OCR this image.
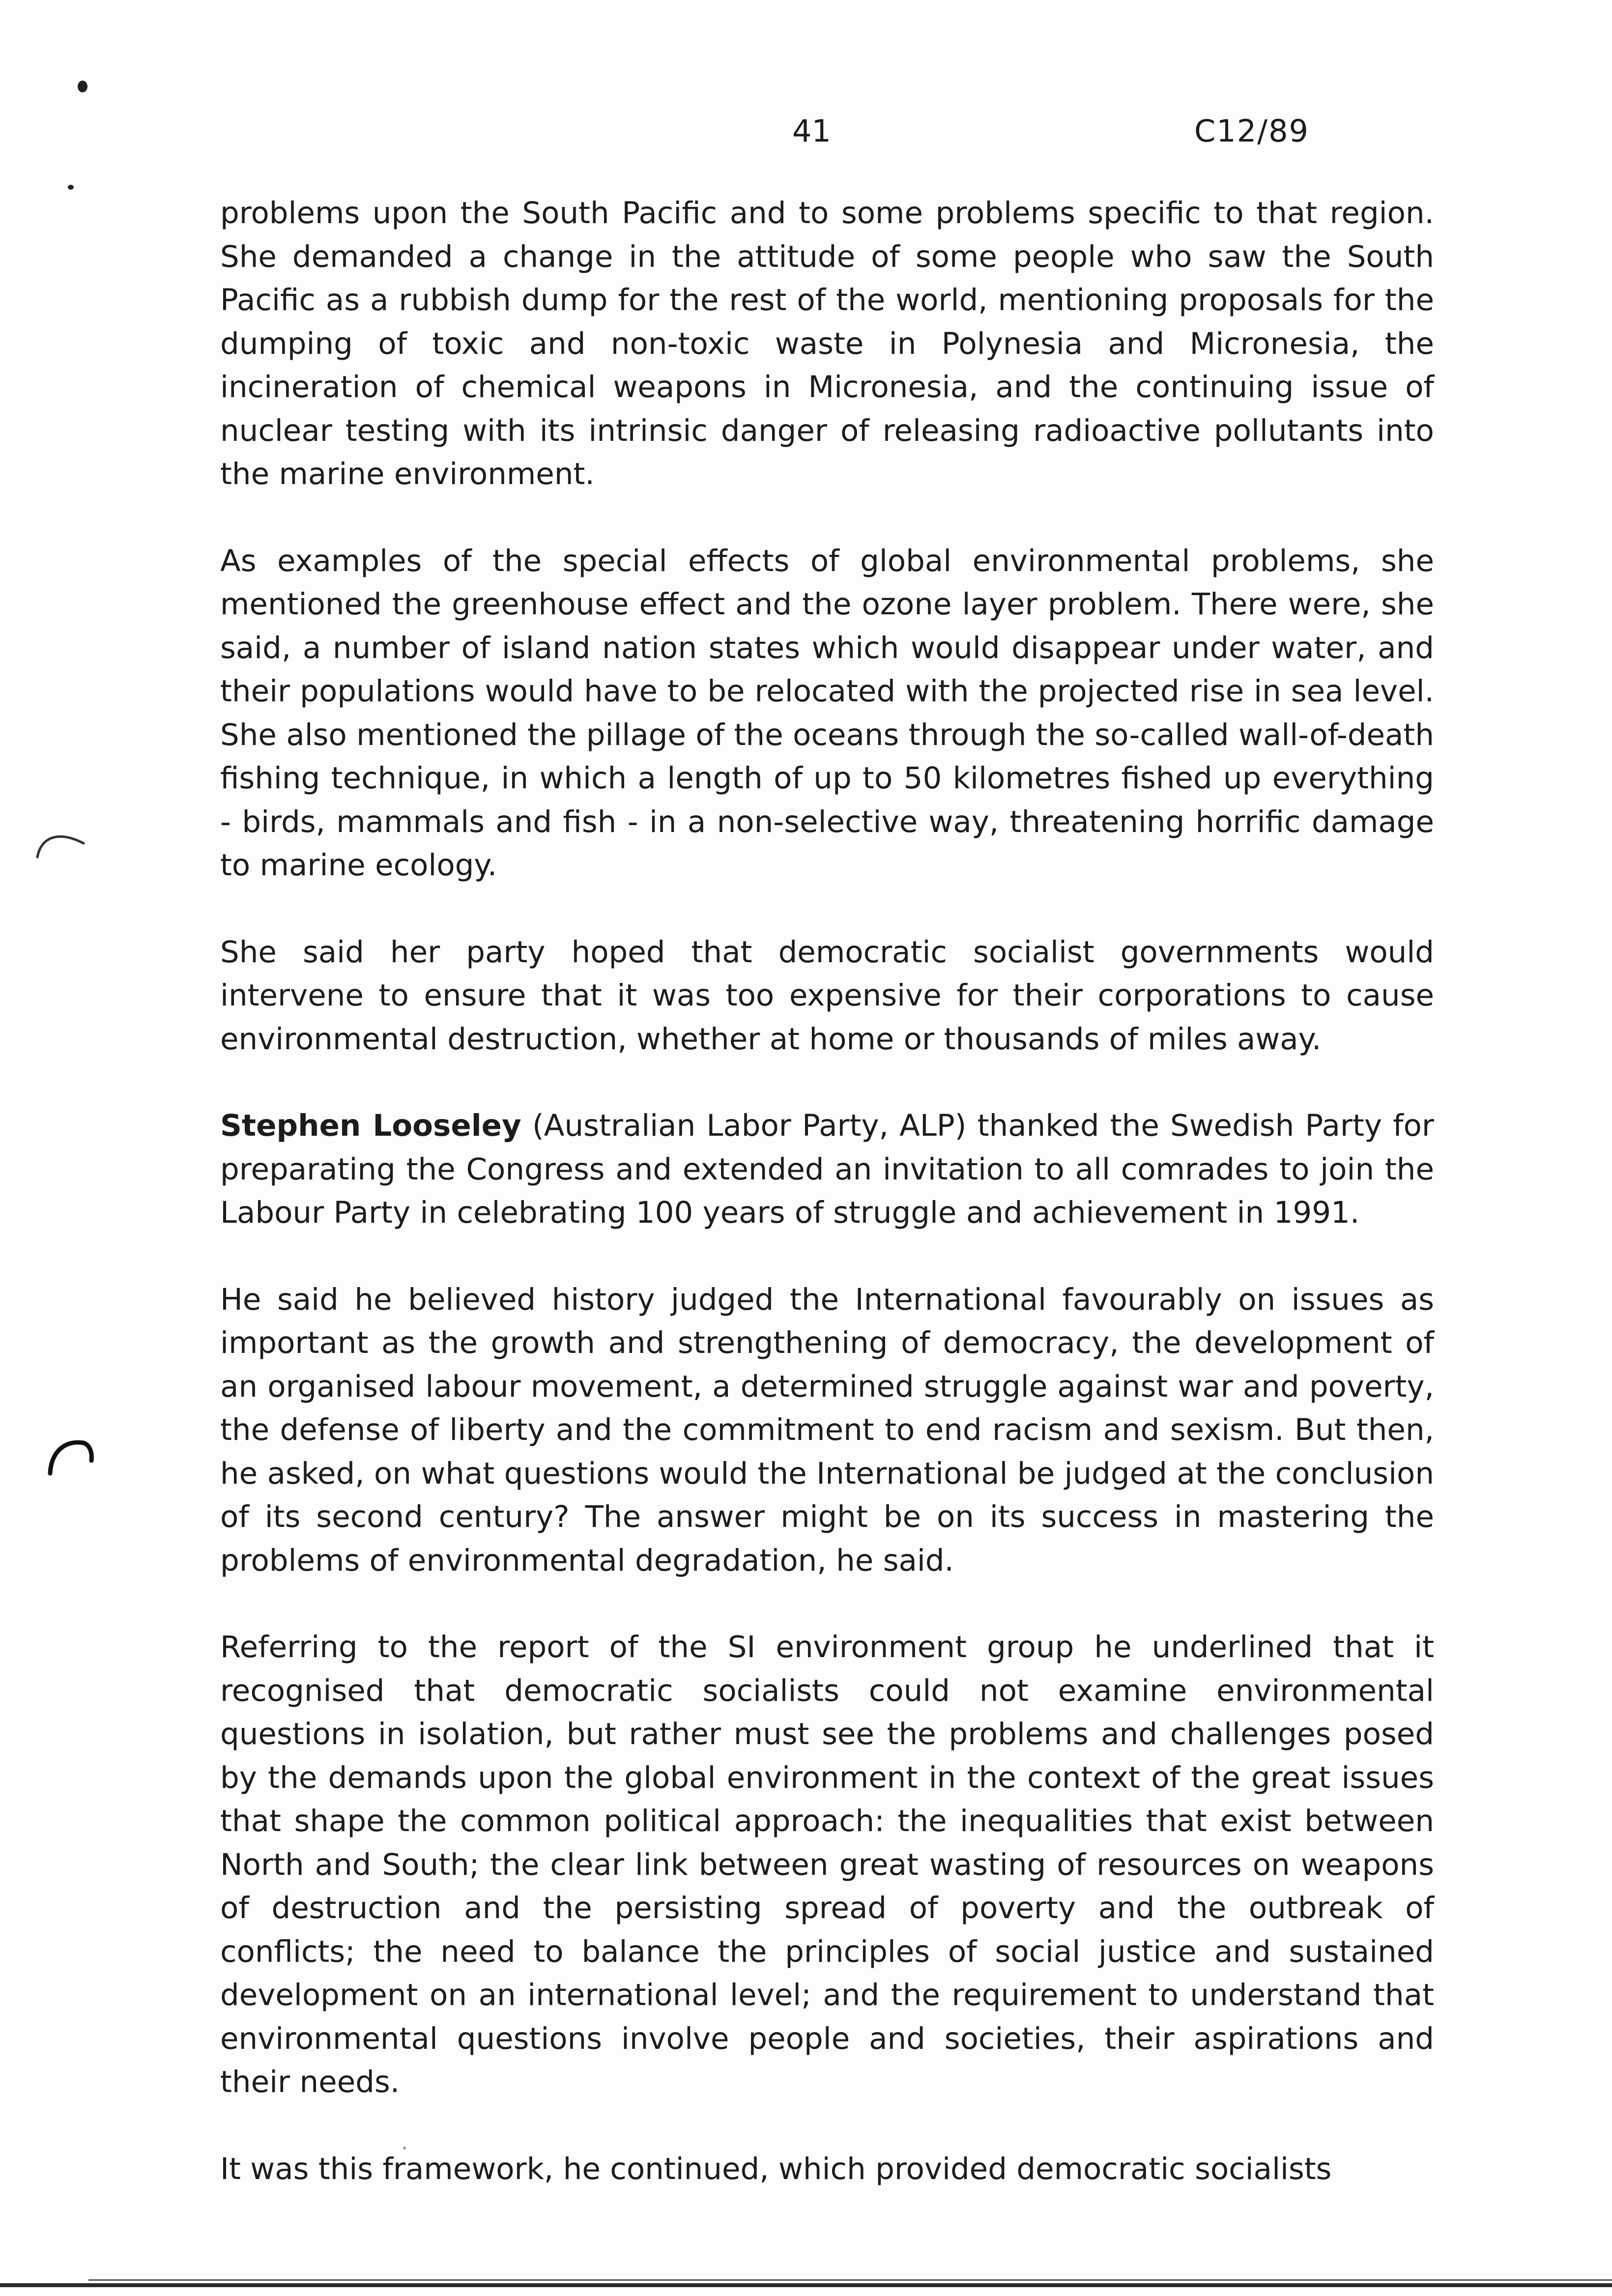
41	C12/89

problems upon the South Pacific and to some problems specific to that region. She demanded a change in the attitude of some people who saw the South Pacific as a rubbish dump for the rest of the world, mentioning proposals for the dumping of toxic and non-toxic waste in Polynesia and Micronesia, the incineration of chemical weapons in Micronesia, and the continuing issue of nuclear testing with its intrinsic danger of releasing radioactive pollutants into the marine environment.

As examples of the special effects of global environmental problems, she mentioned the greenhouse effect and the ozone layer problem. There were, she said, a number of island nation states which would disappear under water, and their populations would have to be relocated with the projected rise in sea level. She also mentioned the pillage of the oceans through the so-called wall-of-death fishing technique, in which a length of up to 50 kilometres fished up everything - birds, mammals and fish - in a non-selective way, threatening horrific damage to marine ecology.

She said her party hoped that democratic socialist governments would intervene to ensure that it was too expensive for their corporations to cause environmental destruction, whether at home or thousands of miles away.

Stephen Looseley (Australian Labor Party, ALP) thanked the Swedish Party for preparating the Congress and extended an invitation to all comrades to join the Labour Party in celebrating 100 years of struggle and achievement in 1991.

He said he believed history judged the International favourably on issues as important as the growth and strengthening of democracy, the development of an organised labour movement, a determined struggle against war and poverty, the defense of liberty and the commitment to end racism and sexism. But then, he asked, on what questions would the International be judged at the conclusion of its second century? The answer might be on its success in mastering the problems of environmental degradation, he said.

Referring to the report of the SI environment group he underlined that it recognised that democratic socialists could not examine environmental questions in isolation, but rather must see the problems and challenges posed by the demands upon the global environment in the context of the great issues that shape the common political approach: the inequalities that exist between North and South; the clear link between great wasting of resources on weapons of destruction and the persisting spread of poverty and the outbreak of conflicts; the need to balance the principles of social justice and sustained development on an international level; and the requirement to understand that environmental questions involve people and societies, their aspirations and their needs.

It was this framework, he continued, which provided democratic socialists
